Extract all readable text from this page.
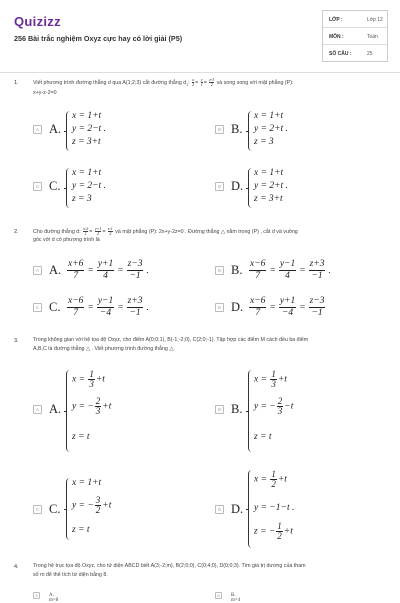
Quizizz
256 Bài trắc nghiệm Oxyz cực hay có lời giải (P5)
LỚP :	Lớp 12
MÔN :	Toán
SỐ CÂU :	25
1.	Viết phương trình đường thẳng d qua A(1;2;3) cắt đường thẳng $d_1$: $\frac{x}{2} = \frac{y}{1} = \frac{z-3}{2}$ và song song với mặt phẳng (P):
x+y-z-2=0
A A.
x = 1+t
y = 2−t .
z = 3+t
B B.
x = 1+t
y = 2+t .
z = 3
C C.
x = 1+t
y = 2−t .
z = 3
D D.
x = 1+t
y = 2+t .
z = 3+t
2.	Cho đường thẳng d: $\frac{x-2}{1} = \frac{y+1}{2} = \frac{z-1}{2}$ và mặt phẳng (P): 2x+y-2z=0 . Đường thẳng △ nằm trong (P) , cắt d và vuông
góc với d có phương trình là
A A. $\frac{x+6}{7} = \frac{y+1}{4} = \frac{z-3}{-1}$ .	B B. $\frac{x-6}{7} = \frac{y-1}{4} = \frac{z+3}{-1}$ .
C C. $\frac{x-6}{7} = \frac{y-1}{-4} = \frac{z+3}{-1}$ .	D D. $\frac{x-6}{7} = \frac{y+1}{-4} = \frac{z-3}{-1}$
3.	Trong không gian với hệ tọa độ Oxyz, cho điểm A(0;0;1), B(-1;-2;0), C(2;0;-1). Tập hợp các điểm M cách đều ba điểm
A,B,C là đường thẳng △ . Viết phương trình đường thẳng △.
A A.
$x = \frac{1}{3} +t$
y = − $\frac{2}{3} +t$
z = t
B B.
$x = \frac{1}{3} +t$
y = − $\frac{2}{3} -t$
z = t
C C.
x = 1+t
y = − $\frac{3}{2} +t$
z = t
D D.
$x = \frac{1}{2} +t$
y = −1−t .
z = − $\frac{1}{2} +t$
4.	Trong hệ trục tọa độ Oxyz, cho tứ diện ABCD biết A(3;-2;m), B(2;0;0), C(0;4;0), D(0;0;3). Tìm giá trị dương của tham
số m để thể tích tứ diện bằng 8.
A	A. m=8
B	B. m=4
